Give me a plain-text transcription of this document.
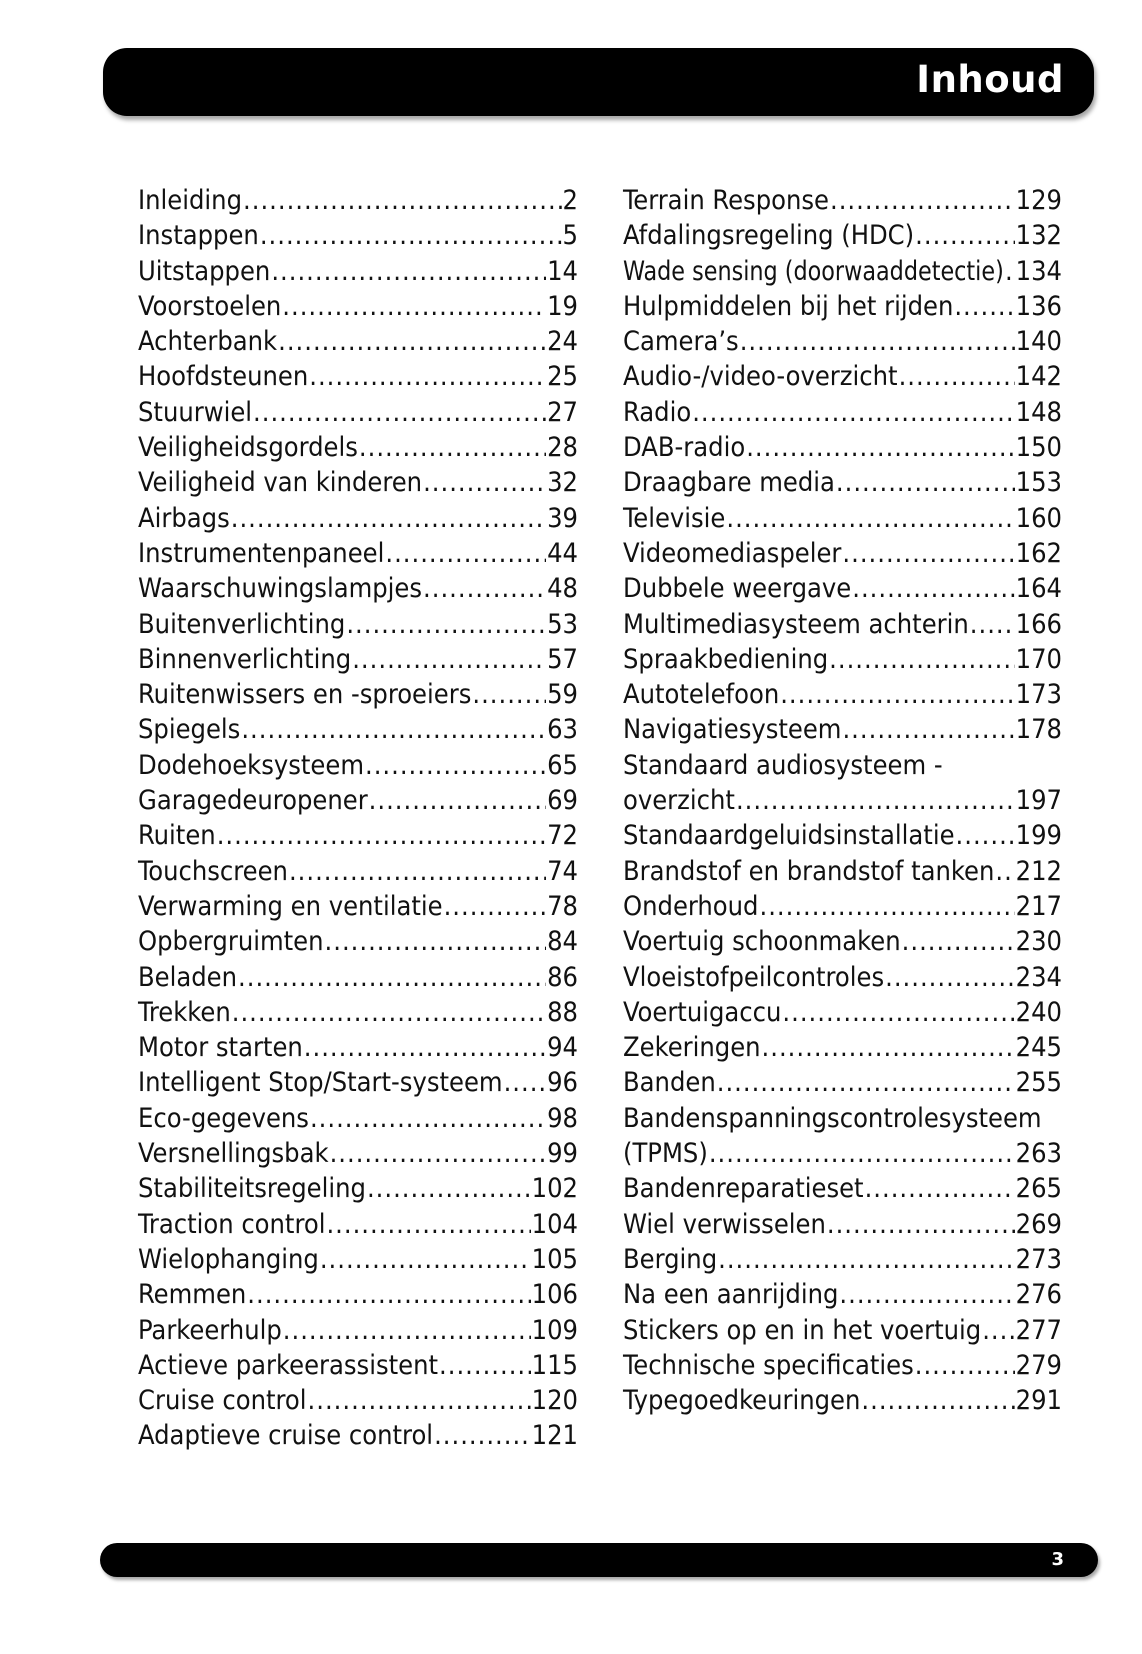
Inhoud
Inleiding .....	2
Instappen .....	5
Uitstappen .....	14
Voorstoelen .....	19
Achterbank .....	24
Hoofdsteunen .....	25
Stuurwiel .....	27
Veiligheidsgordels .....	28
Veiligheid van kinderen .....	32
Airbags .....	39
Instrumentenpaneel .....	44
Waarschuwingslampjes .....	48
Buitenverlichting .....	53
Binnenverlichting .....	57
Ruitenwissers en -sproeiers .....	59
Spiegels .....	63
Dodehoeksysteem .....	65
Garagedeuropener .....	69
Ruiten .....	72
Touchscreen .....	74
Verwarming en ventilatie .....	78
Opbergruimten .....	84
Beladen .....	86
Trekken .....	88
Motor starten .....	94
Intelligent Stop/Start-systeem ..... 96
Eco-gegevens .....	98
Versnellingsbak .....	99
Stabiliteitsregeling .....	102
Traction control .....	104
Wielophanging .....	105
Remmen .....	106
Parkeerhulp .....	109
Actieve parkeerassistent .....	115
Cruise control .....	120
Adaptieve cruise control .....	121
Terrain Response .....	129
Afdalingsregeling (HDC) .....	132
Wade sensing (doorwaaddetectie) ..... 134
Hulpmiddelen bij het rijden ..... 136
Camera’s .....	140
Audio-/video-overzicht .....	142
Radio .....	148
DAB-radio .....	150
Draagbare media .....	153
Televisie .....	160
Videomediaspeler .....	162
Dubbele weergave .....	164
Multimediasysteem achterin ..... 166
Spraakbediening .....	170
Autotelefoon .....	173
Navigatiesysteem .....	178
Standaard audiosysteem -
overzicht .....	197
Standaardgeluidsinstallatie ..... 199
Brandstof en brandstof tanken ..... 212
Onderhoud .....	217
Voertuig schoonmaken .....	230
Vloeistofpeilcontroles .....	234
Voertuigaccu .....	240
Zekeringen .....	245
Banden .....	255
Bandenspanningscontrolesysteem
(TPMS) .....	263
Bandenreparatieset .....	265
Wiel verwisselen .....	269
Berging .....	273
Na een aanrijding .....	276
Stickers op en in het voertuig ..... 277
Technische specificaties .....	279
Typegoedkeuringen .....	291
3
